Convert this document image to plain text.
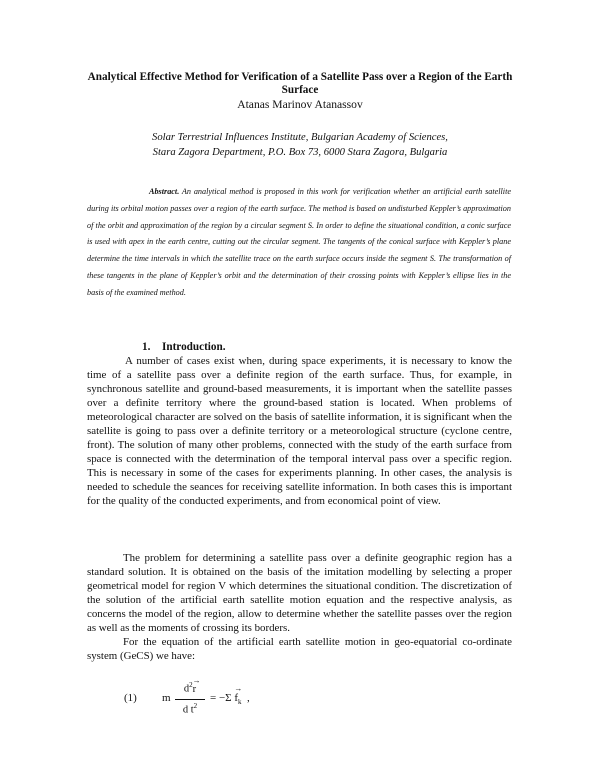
Analytical Effective Method for Verification of a Satellite Pass over a Region of the Earth Surface
Atanas Marinov Atanassov
Solar Terrestrial Influences Institute, Bulgarian Academy of Sciences,
Stara Zagora Department, P.O. Box 73, 6000 Stara Zagora, Bulgaria

Abstract. An analytical method is proposed in this work for verification whether an artificial earth satellite during its orbital motion passes over a region of the earth surface. The method is based on undisturbed Keppler’s approximation of the orbit and approximation of the region by a circular segment S. In order to define the situational condition, a conic surface is used with apex in the earth centre, cutting out the circular segment. The tangents of the conical surface with Keppler’s plane determine the time intervals in which the satellite trace on the earth surface occurs inside the segment S. The transformation of these tangents in the plane of Keppler’s orbit and the determination of their crossing points with Keppler’s ellipse lies in the basis of the examined method.

1. Introduction.

A number of cases exist when, during space experiments, it is necessary to know the time of a satellite pass over a definite region of the earth surface. Thus, for example, in synchronous satellite and ground-based measurements, it is important when the satellite passes over a definite territory where the ground-based station is located. When problems of meteorological character are solved on the basis of satellite information, it is significant when the satellite is going to pass over a definite territory or a meteorological structure (cyclone centre, front). The solution of many other problems, connected with the study of the earth surface from space is connected with the determination of the temporal interval pass over a specific region. This is necessary in some of the cases for experiments planning. In other cases, the analysis is needed to schedule the seances for receiving satellite information. In both cases this is important for the quality of the conducted experiments, and from economical point of view.

The problem for determining a satellite pass over a definite geographic region has a standard solution. It is obtained on the basis of the imitation modelling by selecting a proper geometrical model for region V which determines the situational condition. The discretization of the solution of the artificial earth satellite motion equation and the respective analysis, as concerns the model of the region, allow to determine whether the satellite passes over the region as well as the moments of crossing its borders.

For the equation of the artificial earth satellite motion in geo-equatorial co-ordinate system (GeCS) we have:

(1) m
$d^2$
→
r
d $t^2$
= −Σ
→
$f_k$ ,
